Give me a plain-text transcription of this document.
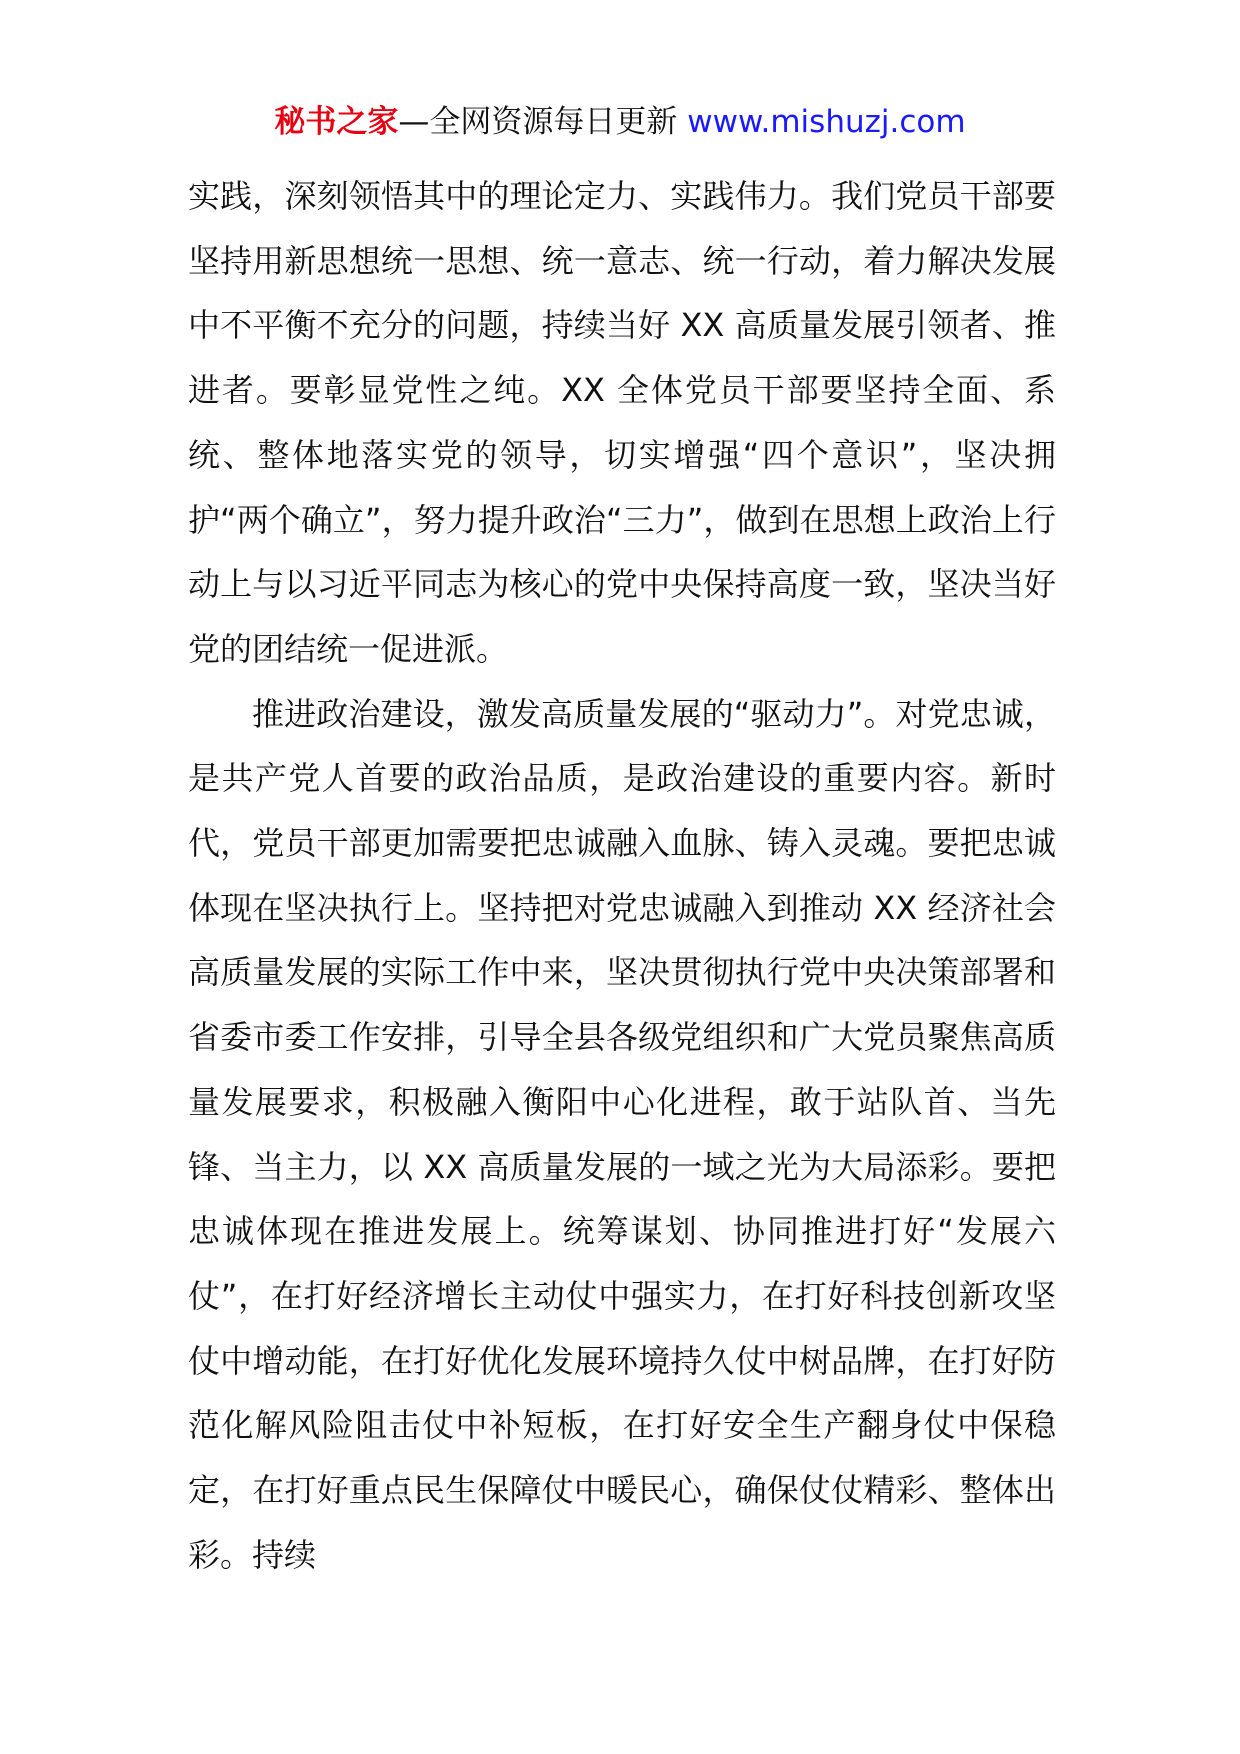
秘书之家—全网资源每日更新 www.mishuzj.com

实践，深刻领悟其中的理论定力、实践伟力。我们党员干部要坚持用新思想统一思想、统一意志、统一行动，着力解决发展中不平衡不充分的问题，持续当好 XX 高质量发展引领者、推进者。要彰显党性之纯。XX 全体党员干部要坚持全面、系统、整体地落实党的领导，切实增强“四个意识”，坚决拥护“两个确立”，努力提升政治“三力”，做到在思想上政治上行动上与以习近平同志为核心的党中央保持高度一致，坚决当好党的团结统一促进派。

推进政治建设，激发高质量发展的“驱动力”。对党忠诚，是共产党人首要的政治品质，是政治建设的重要内容。新时代，党员干部更加需要把忠诚融入血脉、铸入灵魂。要把忠诚体现在坚决执行上。坚持把对党忠诚融入到推动 XX 经济社会高质量发展的实际工作中来，坚决贯彻执行党中央决策部署和省委市委工作安排，引导全县各级党组织和广大党员聚焦高质量发展要求，积极融入衡阳中心化进程，敢于站队首、当先锋、当主力，以 XX 高质量发展的一域之光为大局添彩。要把忠诚体现在推进发展上。统筹谋划、协同推进打好“发展六仗”，在打好经济增长主动仗中强实力，在打好科技创新攻坚仗中增动能，在打好优化发展环境持久仗中树品牌，在打好防范化解风险阻击仗中补短板，在打好安全生产翻身仗中保稳定，在打好重点民生保障仗中暖民心，确保仗仗精彩、整体出彩。持续
